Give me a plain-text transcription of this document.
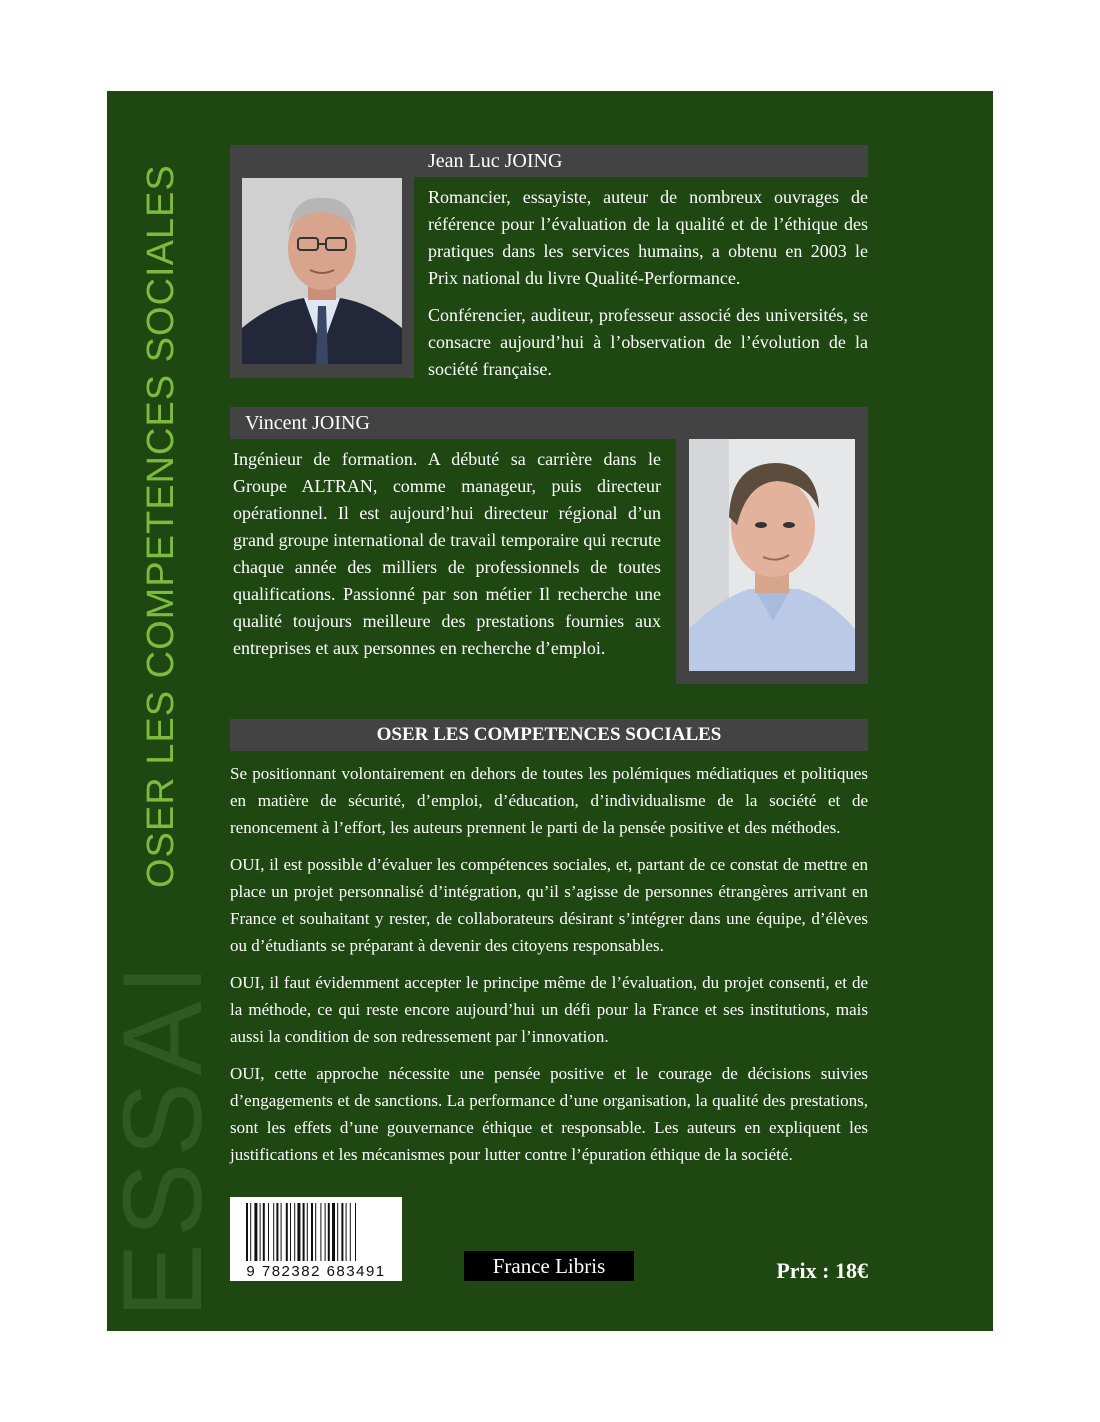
OSER LES COMPETENCES SOCIALES
ESSAI
Jean Luc JOING

Romancier, essayiste, auteur de nombreux ouvrages de référence pour l’évaluation de la qualité et de l’éthique des pratiques dans les services humains, a obtenu en 2003 le Prix national du livre Qualité-Performance.

Conférencier, auditeur, professeur associé des universités, se consacre aujourd’hui à l’observation de l’évolution de la société française.

Vincent JOING

Ingénieur de formation. A débuté sa carrière dans le Groupe ALTRAN, comme manageur, puis directeur opérationnel. Il est aujourd’hui directeur régional d’un grand groupe international de travail temporaire qui recrute chaque année des milliers de professionnels de toutes qualifications. Passionné par son métier Il recherche une qualité toujours meilleure des prestations fournies aux entreprises et aux personnes en recherche d’emploi.

OSER LES COMPETENCES SOCIALES

Se positionnant volontairement en dehors de toutes les polémiques médiatiques et politiques en matière de sécurité, d’emploi, d’éducation, d’individualisme de la société et de renoncement à l’effort, les auteurs prennent le parti de la pensée positive et des méthodes.

OUI, il est possible d’évaluer les compétences sociales, et, partant de ce constat de mettre en place un projet personnalisé d’intégration, qu’il s’agisse de personnes étrangères arrivant en France et souhaitant y rester, de collaborateurs désirant s’intégrer dans une équipe, d’élèves ou d’étudiants se préparant à devenir des citoyens responsables.

OUI, il faut évidemment accepter le principe même de l’évaluation, du projet consenti, et de la méthode, ce qui reste encore aujourd’hui un défi pour la France et ses institutions, mais aussi la condition de son redressement par l’innovation.

OUI, cette approche nécessite une pensée positive et le courage de décisions suivies d’engagements et de sanctions. La performance d’une organisation, la qualité des prestations, sont les effets d’une gouvernance éthique et responsable. Les auteurs en expliquent les justifications et les mécanismes pour lutter contre l’épuration éthique de la société.

9 782382 683491	France Libris	Prix : 18€
